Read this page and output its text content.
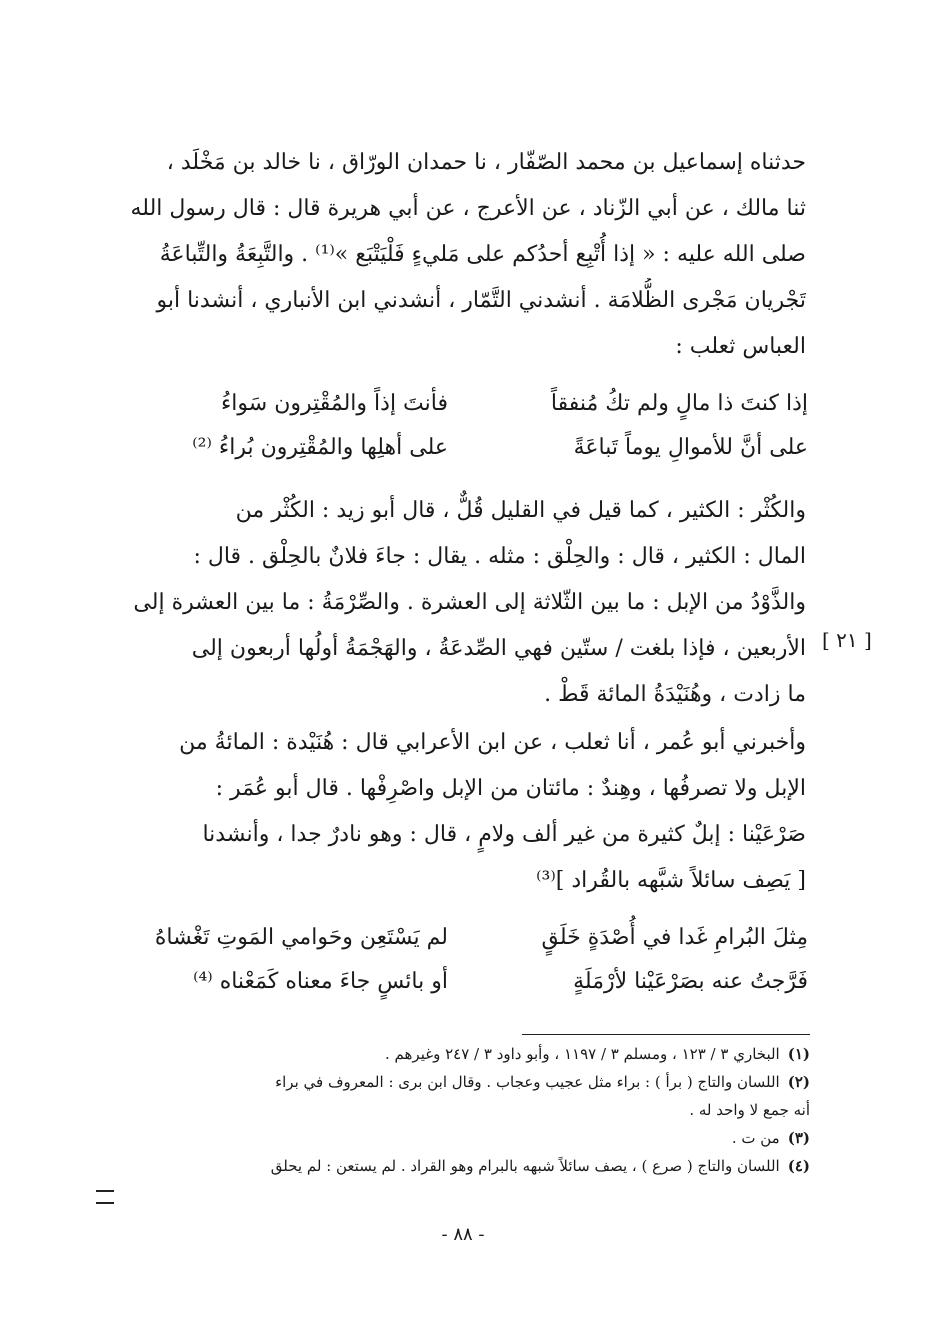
حدثناه إسماعيل بن محمد الصّفّار ، نا حمدان الورّاق ، نا خالد بن مَخْلَد ،
ثنا مالك ، عن أبي الزّناد ، عن الأعرج ، عن أبي هريرة قال : قال رسول الله
صلى الله عليه : « إذا أُتْبِع أحدُكم على مَليءٍ فَلْيَتْبَع »⁽¹⁾ . والتَّبِعَةُ والتِّباعَةُ
تَجْريان مَجْرى الظُّلامَة . أنشدني التَّمّار ، أنشدني ابن الأنباري ، أنشدنا أبو
العباس ثعلب :
إذا كنتَ ذا مالٍ ولم تكُ مُنفقاً
فأنتَ إذاً والمُقْتِرون سَواءُ
على أنَّ للأموالِ يوماً تَباعَةً
على أهلِها والمُقْتِرون بُراءُ ⁽²⁾
والكُثْر : الكثير ، كما قيل في القليل قُلٌّ ، قال أبو زيد : الكُثْر من
المال : الكثير ، قال : والحِلْق : مثله . يقال : جاءَ فلانٌ بالحِلْق . قال :
والذَّوْدُ من الإبل : ما بين الثّلاثة إلى العشرة . والصِّرْمَةُ : ما بين العشرة إلى
الأربعين ، فإذا بلغت / ستّين فهي الصِّدعَةُ ، والهَجْمَةُ أولُها أربعون إلى
ما زادت ، وهُنَيْدَةُ المائة قَطْ .
[ ٢١ ]
وأخبرني أبو عُمر ، أنا ثعلب ، عن ابن الأعرابي قال : هُنَيْدة : المائةُ من
الإبل ولا تصرفُها ، وهِندٌ : مائتان من الإبل واصْرِفْها . قال أبو عُمَر :
صَرْعَيْنا : إبلٌ كثيرة من غير ألف ولامٍ ، قال : وهو نادرٌ جدا ، وأنشدنا
[ يَصِف سائلاً شبَّهه بالقُراد ]⁽³⁾
مِثلَ البُرامِ غَدا في أُصْدَةٍ خَلَقٍ
لم يَسْتَعِن وحَوامي المَوتِ تَغْشاهُ
فَرَّجتُ عنه بصَرْعَيْنا لأرْمَلَةٍ
أو بائسٍ جاءَ معناه كَمَعْناه ⁽⁴⁾
(١)البخاري ٣ / ١٢٣ ، ومسلم ٣ / ١١٩٧ ، وأبو داود ٣ / ٢٤٧ وغيرهم .
(٢)اللسان والتاج ( برأ ) : براء مثل عجيب وعجاب . وقال ابن برى : المعروف في براء
أنه جمع لا واحد له .
(٣)من ت .
(٤)اللسان والتاج ( صرع ) ، يصف سائلاً شبهه بالبرام وهو القراد . لم يستعن : لم يحلق
- ٨٨ -
